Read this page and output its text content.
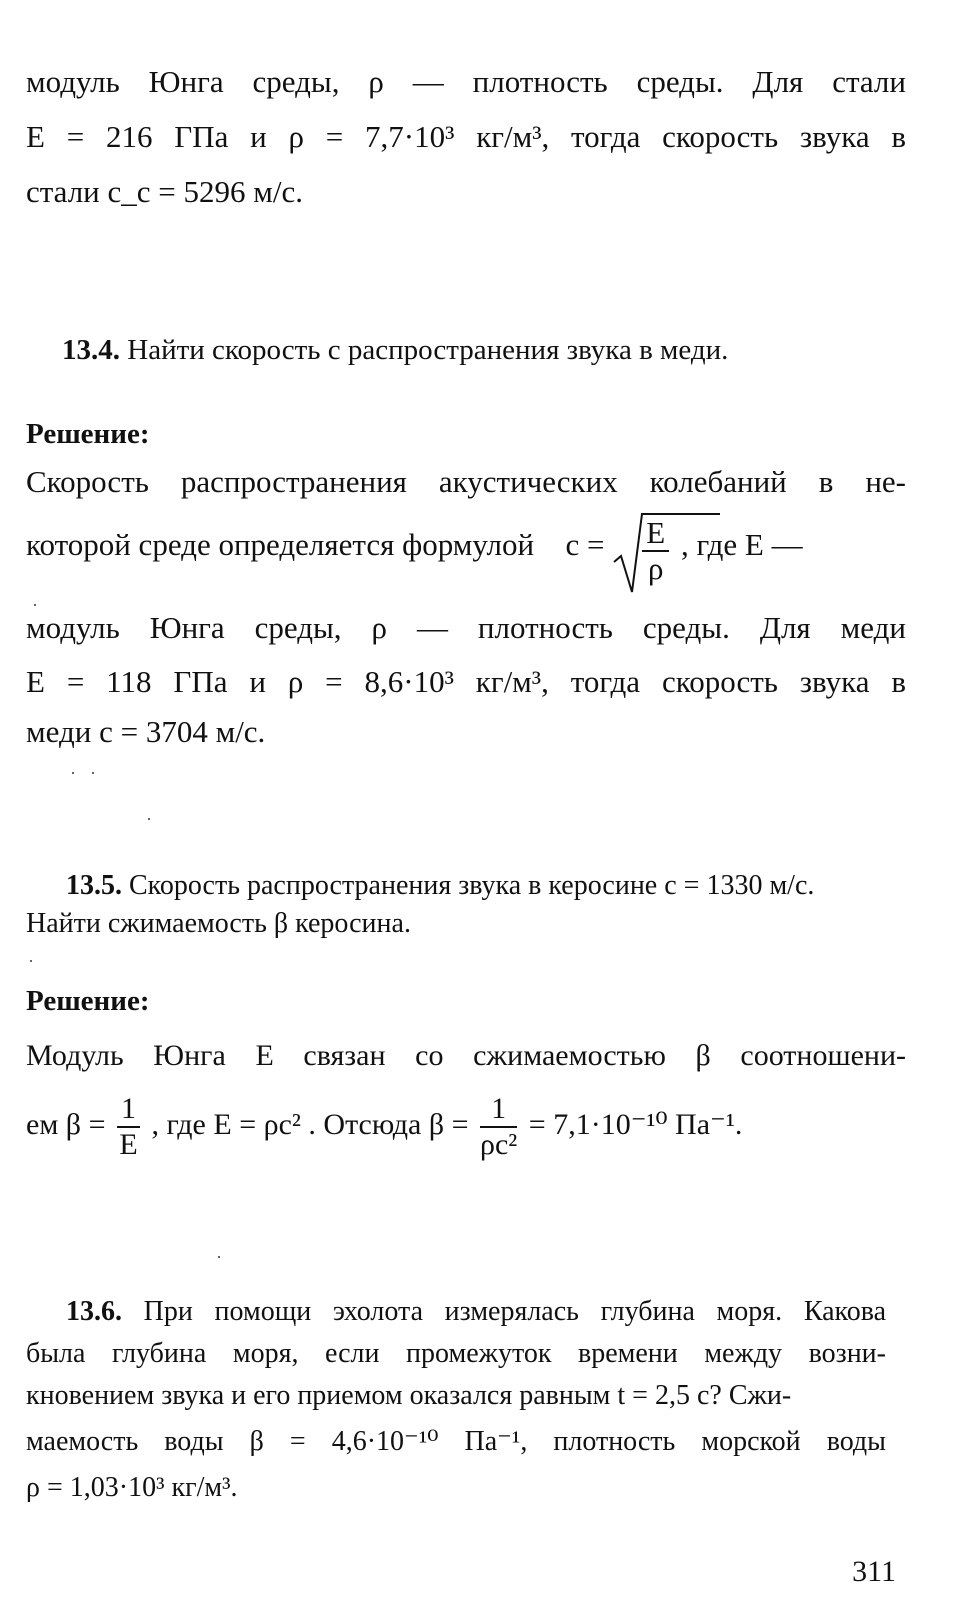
модуль Юнга среды, ρ — плотность среды. Для стали
E = 216 ГПа и ρ = 7,7·10³ кг/м³, тогда скорость звука в
стали c_c = 5296 м/с.
13.4. Найти скорость c распространения звука в меди.
Решение:
Скорость распространения акустических колебаний в не-
которой среде определяется формулой $c = \frac{E}{\rho}$ , где E —
модуль Юнга среды, ρ — плотность среды. Для меди
E = 118 ГПа и ρ = 8,6·10³ кг/м³, тогда скорость звука в
меди c = 3704 м/с.
13.5. Скорость распространения звука в керосине c = 1330 м/с.
Найти сжимаемость β керосина.
Решение:
Модуль Юнга E связан со сжимаемостью β соотношени-
ем $\beta = \frac{1}{E}$ , где E = ρc² . Отсюда $\beta = \frac{1}{\text{ρc²}} = 7,1\cdot 10^{-10}$ Па⁻¹.
13.6. При помощи эхолота измерялась глубина моря. Какова
была глубина моря, если промежуток времени между возни-
кновением звука и его приемом оказался равным t = 2,5 с? Сжи-
маемость воды β = 4,6·10⁻¹⁰ Па⁻¹, плотность морской воды
ρ = 1,03·10³ кг/м³.
311
